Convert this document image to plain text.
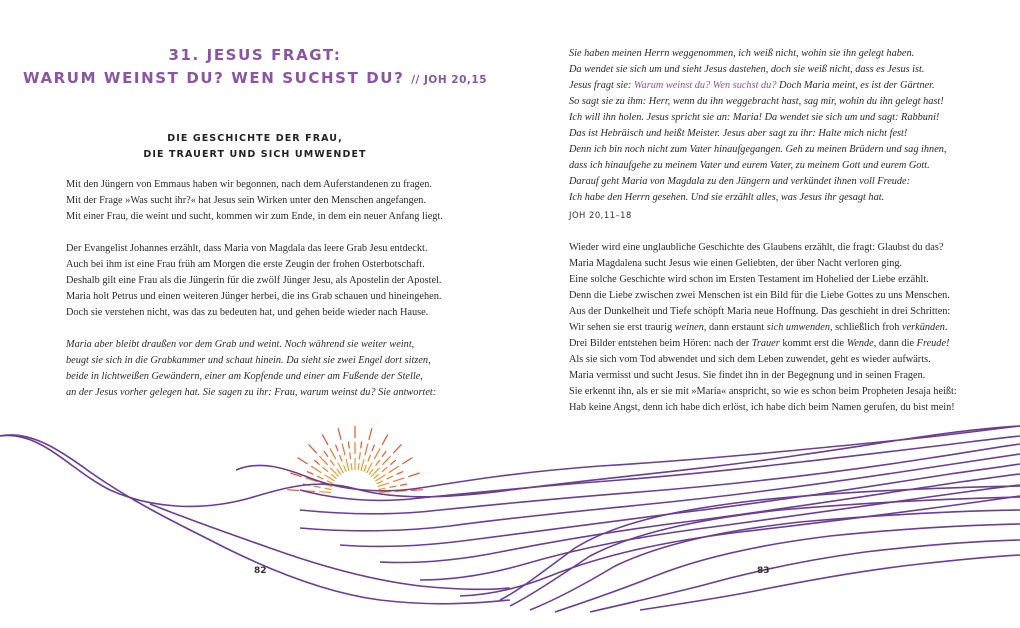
31. JESUS FRAGT:
WARUM WEINST DU? WEN SUCHST DU? // JOH 20,15
DIE GESCHICHTE DER FRAU,
DIE TRAUERT UND SICH UMWENDET
Mit den Jüngern von Emmaus haben wir begonnen, nach dem Auferstandenen zu fragen.
Mit der Frage »Was sucht ihr?« hat Jesus sein Wirken unter den Menschen angefangen.
Mit einer Frau, die weint und sucht, kommen wir zum Ende, in dem ein neuer Anfang liegt.
Der Evangelist Johannes erzählt, dass Maria von Magdala das leere Grab Jesu entdeckt.
Auch bei ihm ist eine Frau früh am Morgen die erste Zeugin der frohen Osterbotschaft.
Deshalb gilt eine Frau als die Jüngerin für die zwölf Jünger Jesu, als Apostelin der Apostel.
Maria holt Petrus und einen weiteren Jünger herbei, die ins Grab schauen und hineingehen.
Doch sie verstehen nicht, was das zu bedeuten hat, und gehen beide wieder nach Hause.
Maria aber bleibt draußen vor dem Grab und weint. Noch während sie weiter weint,
beugt sie sich in die Grabkammer und schaut hinein. Da sieht sie zwei Engel dort sitzen,
beide in lichtweißen Gewändern, einer am Kopfende und einer am Fußende der Stelle,
an der Jesus vorher gelegen hat. Sie sagen zu ihr: Frau, warum weinst du? Sie antwortet:
82
Sie haben meinen Herrn weggenommen, ich weiß nicht, wohin sie ihn gelegt haben.
Da wendet sie sich um und sieht Jesus dastehen, doch sie weiß nicht, dass es Jesus ist.
Jesus fragt sie: Warum weinst du? Wen suchst du? Doch Maria meint, es ist der Gärtner.
So sagt sie zu ihm: Herr, wenn du ihn weggebracht hast, sag mir, wohin du ihn gelegt hast!
Ich will ihn holen. Jesus spricht sie an: Maria! Da wendet sie sich um und sagt: Rabbuni!
Das ist Hebräisch und heißt Meister. Jesus aber sagt zu ihr: Halte mich nicht fest!
Denn ich bin noch nicht zum Vater hinaufgegangen. Geh zu meinen Brüdern und sag ihnen,
dass ich hinaufgehe zu meinem Vater und eurem Vater, zu meinem Gott und eurem Gott.
Darauf geht Maria von Magdala zu den Jüngern und verkündet ihnen voll Freude:
Ich habe den Herrn gesehen. Und sie erzählt alles, was Jesus ihr gesagt hat.
JOH 20,11–18
Wieder wird eine unglaubliche Geschichte des Glaubens erzählt, die fragt: Glaubst du das?
Maria Magdalena sucht Jesus wie einen Geliebten, der über Nacht verloren ging.
Eine solche Geschichte wird schon im Ersten Testament im Hohelied der Liebe erzählt.
Denn die Liebe zwischen zwei Menschen ist ein Bild für die Liebe Gottes zu uns Menschen.
Aus der Dunkelheit und Tiefe schöpft Maria neue Hoffnung. Das geschieht in drei Schritten:
Wir sehen sie erst traurig weinen, dann erstaunt sich umwenden, schließlich froh verkünden.
Drei Bilder entstehen beim Hören: nach der Trauer kommt erst die Wende, dann die Freude!
Als sie sich vom Tod abwendet und sich dem Leben zuwendet, geht es wieder aufwärts.
Maria vermisst und sucht Jesus. Sie findet ihn in der Begegnung und in seinen Fragen.
Sie erkennt ihn, als er sie mit »Maria« anspricht, so wie es schon beim Propheten Jesaja heißt:
Hab keine Angst, denn ich habe dich erlöst, ich habe dich beim Namen gerufen, du bist mein!
83
